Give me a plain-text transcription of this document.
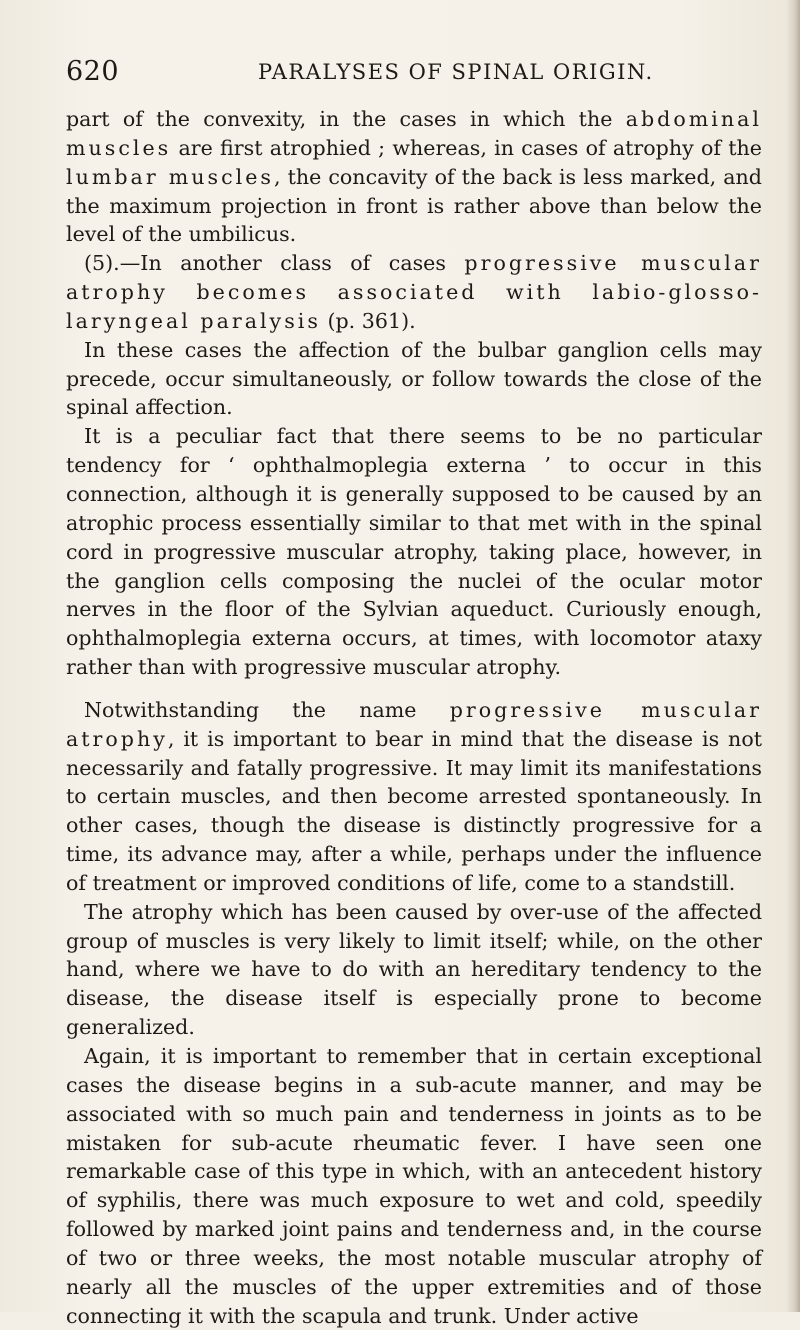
620	PARALYSES OF SPINAL ORIGIN.

part of the convexity, in the cases in which the abdominal muscles are first atrophied ; whereas, in cases of atrophy of the lumbar muscles, the concavity of the back is less marked, and the maximum projection in front is rather above than below the level of the umbilicus.

(5).—In another class of cases progressive muscular atrophy becomes associated with labio-glosso-laryngeal paralysis (p. 361).

In these cases the affection of the bulbar ganglion cells may precede, occur simultaneously, or follow towards the close of the spinal affection.

It is a peculiar fact that there seems to be no particular tendency for ‘ ophthalmoplegia externa ’ to occur in this connection, although it is generally supposed to be caused by an atrophic process essentially similar to that met with in the spinal cord in progressive muscular atrophy, taking place, however, in the ganglion cells composing the nuclei of the ocular motor nerves in the floor of the Sylvian aqueduct. Curiously enough, ophthalmoplegia externa occurs, at times, with locomotor ataxy rather than with progressive muscular atrophy.

Notwithstanding the name progressive muscular atrophy, it is important to bear in mind that the disease is not necessarily and fatally progressive. It may limit its manifestations to certain muscles, and then become arrested spontaneously. In other cases, though the disease is distinctly progressive for a time, its advance may, after a while, perhaps under the influence of treatment or improved conditions of life, come to a standstill.

The atrophy which has been caused by over-use of the affected group of muscles is very likely to limit itself; while, on the other hand, where we have to do with an hereditary tendency to the disease, the disease itself is especially prone to become generalized.

Again, it is important to remember that in certain exceptional cases the disease begins in a sub-acute manner, and may be associated with so much pain and tenderness in joints as to be mistaken for sub-acute rheumatic fever. I have seen one remarkable case of this type in which, with an antecedent history of syphilis, there was much exposure to wet and cold, speedily followed by marked joint pains and tenderness and, in the course of two or three weeks, the most notable muscular atrophy of nearly all the muscles of the upper extremities and of those connecting it with the scapula and trunk. Under active
